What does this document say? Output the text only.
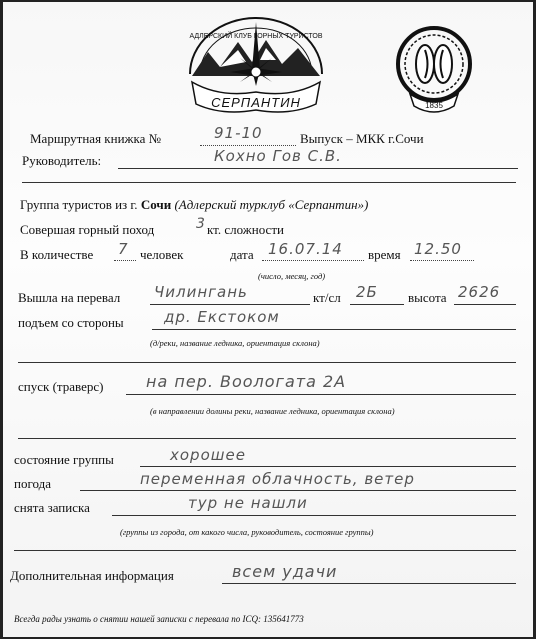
СЕРПАНТИН
АДЛЕРСКИЙ КЛУБ ГОРНЫХ ТУРИСТОВ
1835
Маршрутная книжка №	91-10	Выпуск – МКК г.Сочи
Руководитель:	Кохно Гов С.В.
Группа туристов из г. Сочи (Адлерский турклуб «Серпантин»)
Совершая горный поход	3 кт. сложности
В количестве 7 человек	дата 16.07.14 время 12.50
(число, месяц, год)
Вышла на перевал Чилингань	кт/сл 2Б высота 2626
подъем со стороны	др. Екстоком
(д/реки, название ледника, ориентация склона)
спуск (траверс)	на пер. Воологата 2А
(в направлении долины реки, название ледника, ориентация склона)
состояние группы	хорошее
погода	переменная облачность, ветер
снята записка	тур не нашли
(группы из города, от какого числа, руководитель, состояние группы)
Дополнительная информация	всем удачи
Всегда рады узнать о снятии нашей записки с перевала по ICQ: 135641773
